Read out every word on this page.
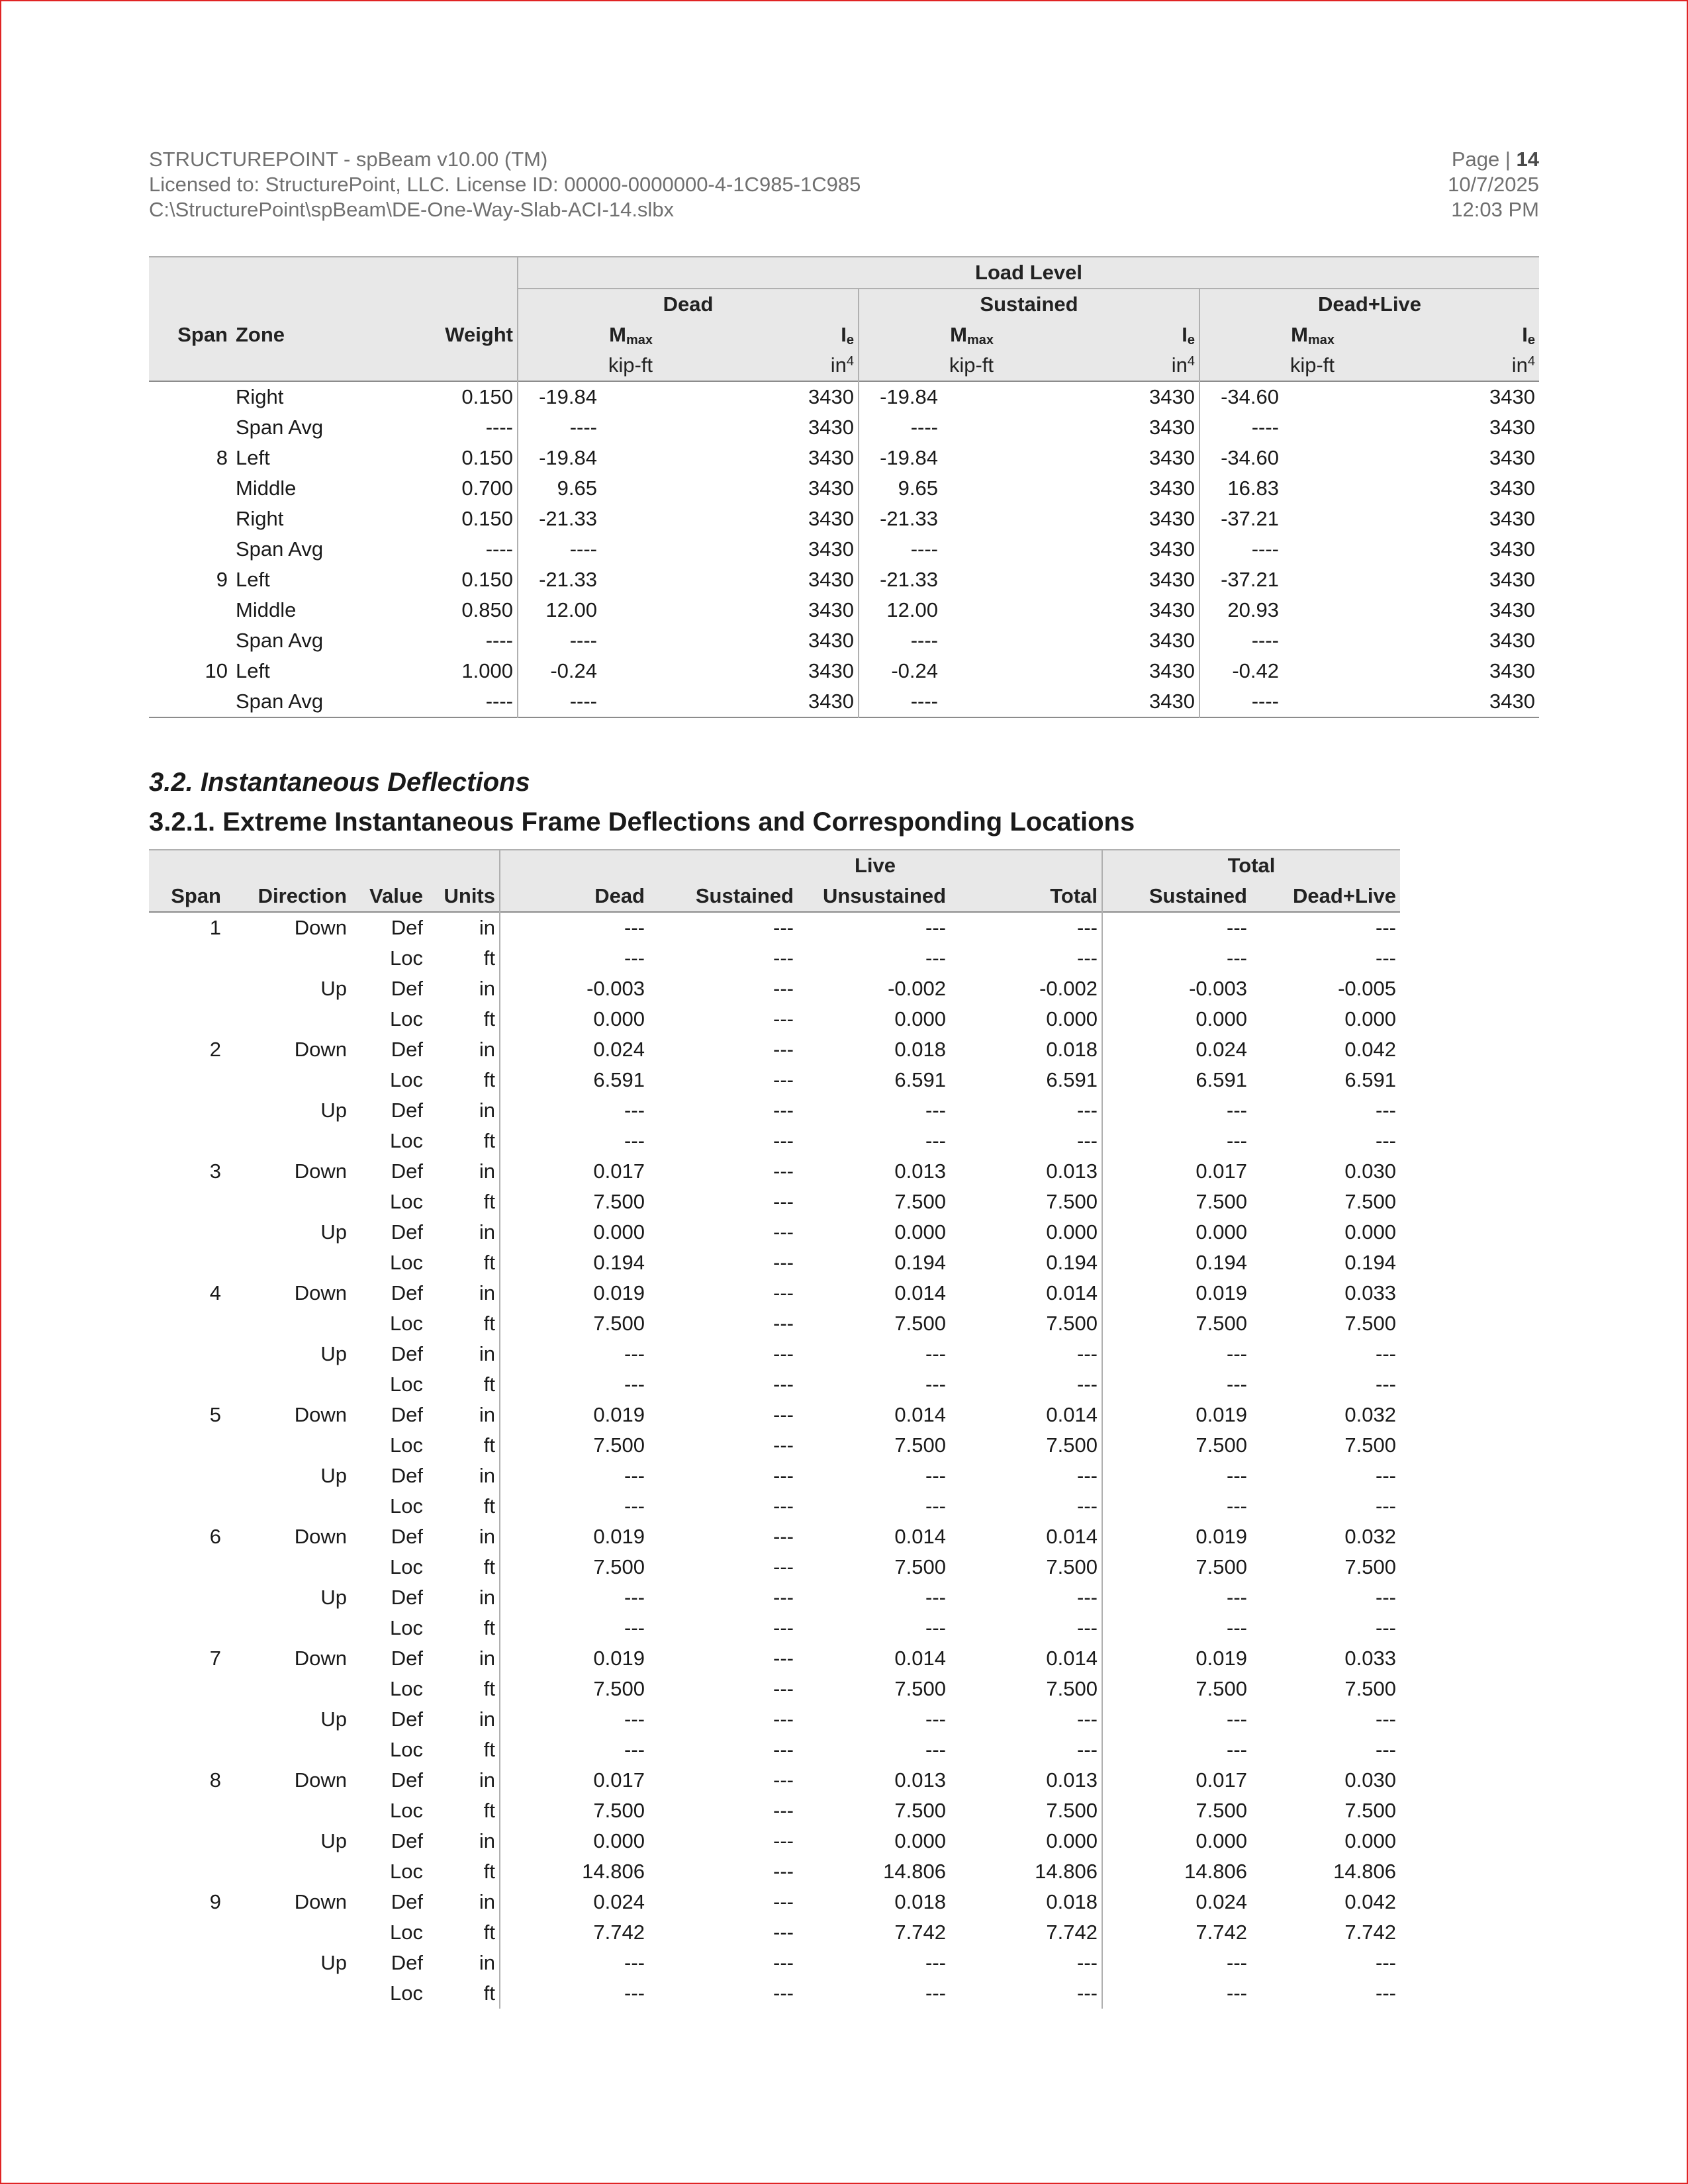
STRUCTUREPOINT - spBeam v10.00 (TM)
Licensed to: StructurePoint, LLC. License ID: 00000-0000000-4-1C985-1C985
C:\StructurePoint\spBeam\DE-One-Way-Slab-ACI-14.slbx
Page | 14
10/7/2025
12:03 PM
			Load Level					
			Dead		Sustained		Dead+Live	
Span	Zone	Weight	$M_{max}$	$I_e$	$M_{max}$	$I_e$	$M_{max}$	$I_e$
			kip-ft	$in^4$	kip-ft	$in^4$	kip-ft	$in^4$
	Right	0.150	-19.84	3430	-19.84	3430	-34.60	3430
	Span Avg	----	----	3430	----	3430	----	3430
8	Left	0.150	-19.84	3430	-19.84	3430	-34.60	3430
	Middle	0.700	9.65	3430	9.65	3430	16.83	3430
	Right	0.150	-21.33	3430	-21.33	3430	-37.21	3430
	Span Avg	----	----	3430	----	3430	----	3430
9	Left	0.150	-21.33	3430	-21.33	3430	-37.21	3430
	Middle	0.850	12.00	3430	12.00	3430	20.93	3430
	Span Avg	----	----	3430	----	3430	----	3430
10	Left	1.000	-0.24	3430	-0.24	3430	-0.42	3430
	Span Avg	----	----	3430	----	3430	----	3430
3.2. Instantaneous Deflections
3.2.1. Extreme Instantaneous Frame Deflections and Corresponding Locations
					Live			Total	
Span	Direction	Value	Units	Dead	Sustained	Unsustained	Total	Sustained	Dead+Live
1	Down	Def	in	---	---	---	---	---	---
		Loc	ft	---	---	---	---	---	---
	Up	Def	in	-0.003	---	-0.002	-0.002	-0.003	-0.005
		Loc	ft	0.000	---	0.000	0.000	0.000	0.000
2	Down	Def	in	0.024	---	0.018	0.018	0.024	0.042
		Loc	ft	6.591	---	6.591	6.591	6.591	6.591
	Up	Def	in	---	---	---	---	---	---
		Loc	ft	---	---	---	---	---	---
3	Down	Def	in	0.017	---	0.013	0.013	0.017	0.030
		Loc	ft	7.500	---	7.500	7.500	7.500	7.500
	Up	Def	in	0.000	---	0.000	0.000	0.000	0.000
		Loc	ft	0.194	---	0.194	0.194	0.194	0.194
4	Down	Def	in	0.019	---	0.014	0.014	0.019	0.033
		Loc	ft	7.500	---	7.500	7.500	7.500	7.500
	Up	Def	in	---	---	---	---	---	---
		Loc	ft	---	---	---	---	---	---
5	Down	Def	in	0.019	---	0.014	0.014	0.019	0.032
		Loc	ft	7.500	---	7.500	7.500	7.500	7.500
	Up	Def	in	---	---	---	---	---	---
		Loc	ft	---	---	---	---	---	---
6	Down	Def	in	0.019	---	0.014	0.014	0.019	0.032
		Loc	ft	7.500	---	7.500	7.500	7.500	7.500
	Up	Def	in	---	---	---	---	---	---
		Loc	ft	---	---	---	---	---	---
7	Down	Def	in	0.019	---	0.014	0.014	0.019	0.033
		Loc	ft	7.500	---	7.500	7.500	7.500	7.500
	Up	Def	in	---	---	---	---	---	---
		Loc	ft	---	---	---	---	---	---
8	Down	Def	in	0.017	---	0.013	0.013	0.017	0.030
		Loc	ft	7.500	---	7.500	7.500	7.500	7.500
	Up	Def	in	0.000	---	0.000	0.000	0.000	0.000
		Loc	ft	14.806	---	14.806	14.806	14.806	14.806
9	Down	Def	in	0.024	---	0.018	0.018	0.024	0.042
		Loc	ft	7.742	---	7.742	7.742	7.742	7.742
	Up	Def	in	---	---	---	---	---	---
		Loc	ft	---	---	---	---	---	---
